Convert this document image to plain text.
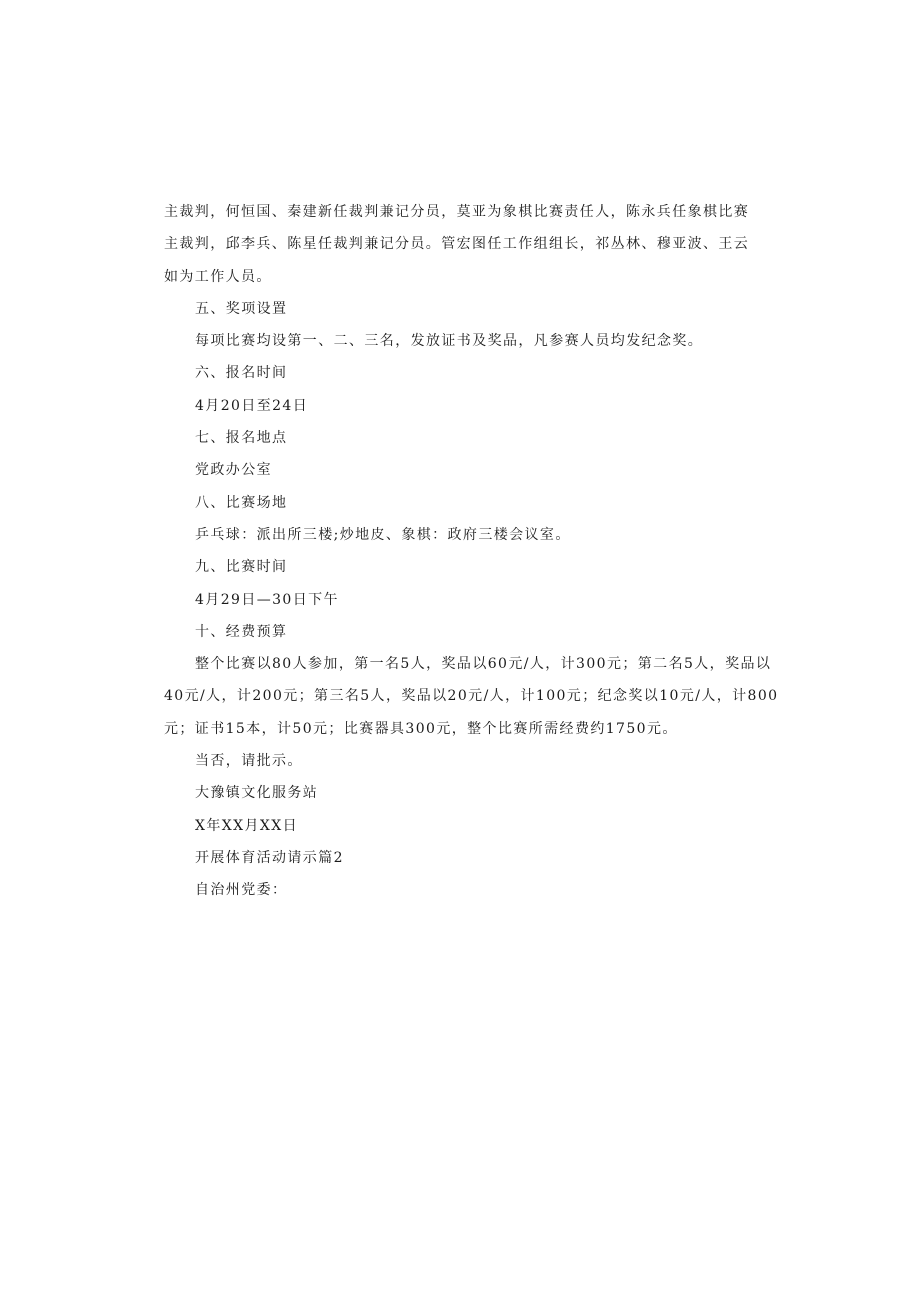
主裁判，何恒国、秦建新任裁判兼记分员，莫亚为象棋比赛责任人，陈永兵任象棋比赛
主裁判，邱李兵、陈星任裁判兼记分员。管宏图任工作组组长，祁丛林、穆亚波、王云
如为工作人员。
五、奖项设置
每项比赛均设第一、二、三名，发放证书及奖品，凡参赛人员均发纪念奖。
六、报名时间
4月20日至24日
七、报名地点
党政办公室
八、比赛场地
乒乓球：派出所三楼;炒地皮、象棋：政府三楼会议室。
九、比赛时间
4月29日—30日下午
十、经费预算
整个比赛以80人参加，第一名5人，奖品以60元/人，计300元；第二名5人，奖品以
40元/人，计200元；第三名5人，奖品以20元/人，计100元；纪念奖以10元/人，计800
元；证书15本，计50元；比赛器具300元，整个比赛所需经费约1750元。
当否，请批示。
大豫镇文化服务站
X年XX月XX日
开展体育活动请示篇2
自治州党委：
